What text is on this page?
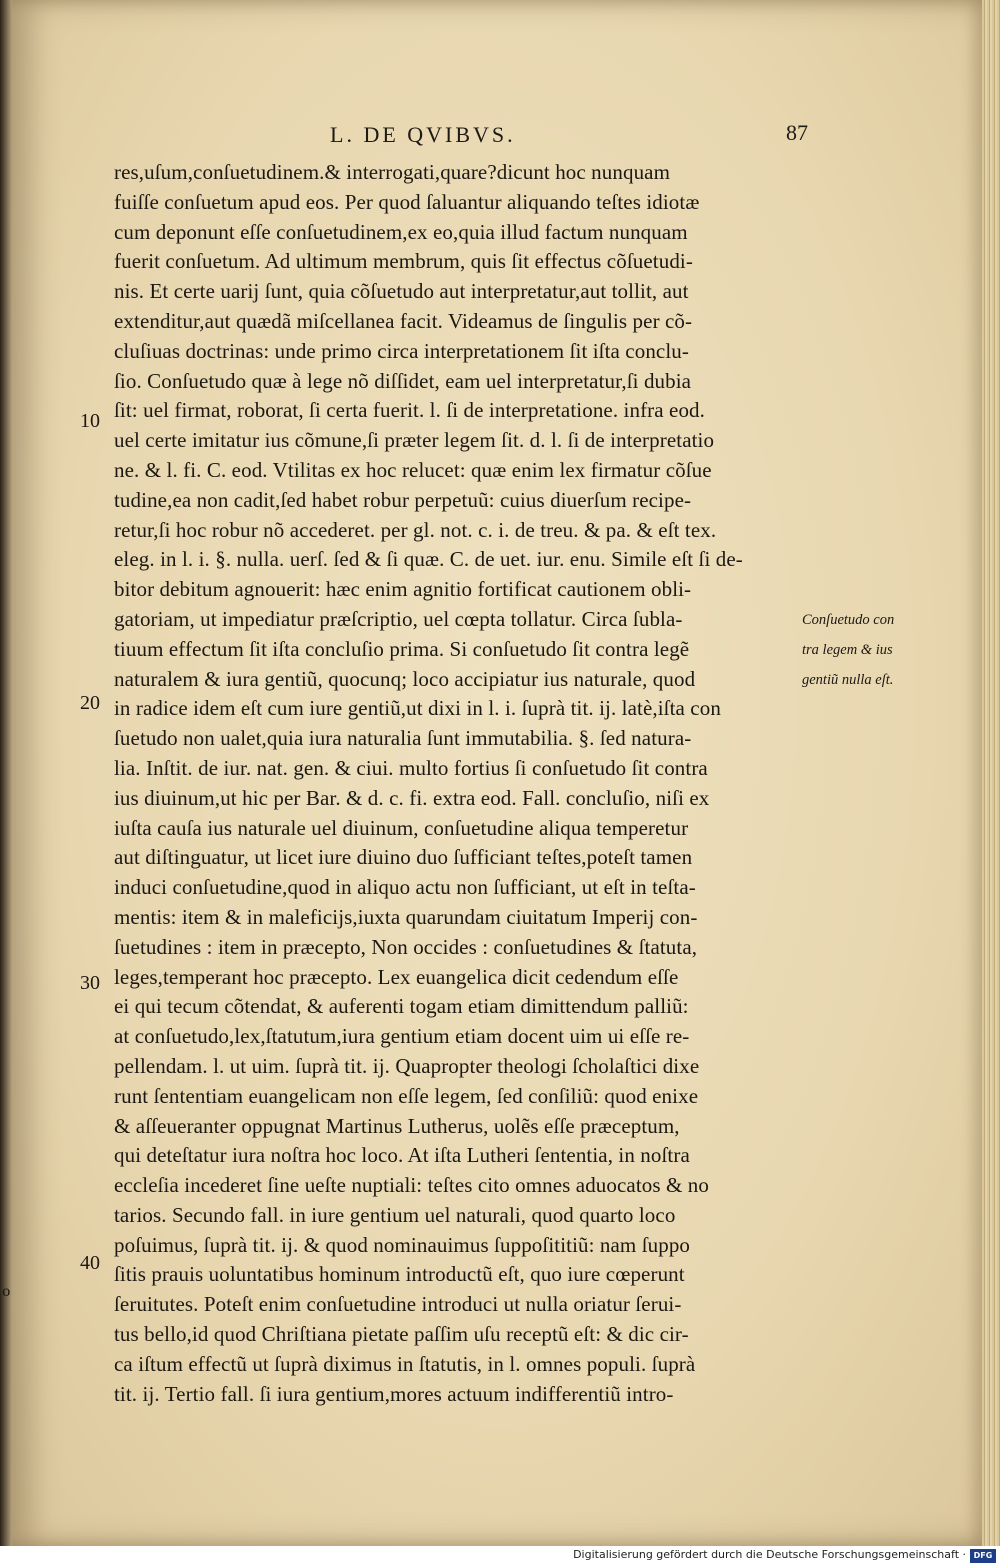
L. DE QVIBVS.	87
res,uſum,conſuetudinem.& interrogati,quare?dicunt hoc nunquam
fuiſſe conſuetum apud eos. Per quod ſaluantur aliquando teſtes idiotæ
cum deponunt eſſe conſuetudinem,ex eo,quia illud factum nunquam
fuerit conſuetum. Ad ultimum membrum, quis ſit effectus cõſuetudi-
nis. Et certe uarij ſunt, quia cõſuetudo aut interpretatur,aut tollit, aut
extenditur,aut quædã miſcellanea facit. Videamus de ſingulis per cõ-
cluſiuas doctrinas: unde primo circa interpretationem ſit iſta conclu-
ſio. Conſuetudo quæ à lege nõ diſſidet, eam uel interpretatur,ſi dubia
ſit: uel firmat, roborat, ſi certa fuerit. l. ſi de interpretatione. infra eod.
uel certe imitatur ius cõmune,ſi præter legem ſit. d. l. ſi de interpretatio
ne. & l. fi. C. eod. Vtilitas ex hoc relucet: quæ enim lex firmatur cõſue
tudine,ea non cadit,ſed habet robur perpetuũ: cuius diuerſum recipe-
retur,ſi hoc robur nõ accederet. per gl. not. c. i. de treu. & pa. & eſt tex.
eleg. in l. i. §. nulla. uerſ. ſed & ſi quæ. C. de uet. iur. enu. Simile eſt ſi de-
bitor debitum agnouerit: hæc enim agnitio fortificat cautionem obli-
gatoriam, ut impediatur præſcriptio, uel cœpta tollatur. Circa ſubla-
tiuum effectum ſit iſta concluſio prima. Si conſuetudo ſit contra legẽ
naturalem & iura gentiũ, quocunq; loco accipiatur ius naturale, quod
in radice idem eſt cum iure gentiũ,ut dixi in l. i. ſuprà tit. ij. latè,iſta con
ſuetudo non ualet,quia iura naturalia ſunt immutabilia. §. ſed natura-
lia. Inſtit. de iur. nat. gen. & ciui. multo fortius ſi conſuetudo ſit contra
ius diuinum,ut hic per Bar. & d. c. fi. extra eod. Fall. concluſio, niſi ex
iuſta cauſa ius naturale uel diuinum, conſuetudine aliqua temperetur
aut diſtinguatur, ut licet iure diuino duo ſufficiant teſtes,poteſt tamen
induci conſuetudine,quod in aliquo actu non ſufficiant, ut eſt in teſta-
mentis: item & in maleficijs,iuxta quarundam ciuitatum Imperij con-
ſuetudines : item in præcepto, Non occides : conſuetudines & ſtatuta,
leges,temperant hoc præcepto. Lex euangelica dicit cedendum eſſe
ei qui tecum cõtendat, & auferenti togam etiam dimittendum palliũ:
at conſuetudo,lex,ſtatutum,iura gentium etiam docent uim ui eſſe re-
pellendam. l. ut uim. ſuprà tit. ij. Quapropter theologi ſcholaſtici dixe
runt ſententiam euangelicam non eſſe legem, ſed conſiliũ: quod enixe
& aſſeueranter oppugnat Martinus Lutherus, uolẽs eſſe præceptum,
qui deteſtatur iura noſtra hoc loco. At iſta Lutheri ſententia, in noſtra
eccleſia incederet ſine ueſte nuptiali: teſtes cito omnes aduocatos & no
tarios. Secundo fall. in iure gentium uel naturali, quod quarto loco
poſuimus, ſuprà tit. ij. & quod nominauimus ſuppoſititiũ: nam ſuppo
ſitis prauis uoluntatibus hominum introductũ eſt, quo iure cœperunt
ſeruitutes. Poteſt enim conſuetudine introduci ut nulla oriatur ſerui-
tus bello,id quod Chriſtiana pietate paſſim uſu receptũ eſt: & dic cir-
ca iſtum effectũ ut ſuprà diximus in ſtatutis, in l. omnes populi. ſuprà
tit. ij. Tertio fall. ſi iura gentium,mores actuum indifferentiũ intro-
10
20
30
40
Conſuetudo con
tra legem & ius
gentiũ nulla eſt.
o
Digitalisierung gefördert durch die Deutsche Forschungsgemeinschaft · DFG
